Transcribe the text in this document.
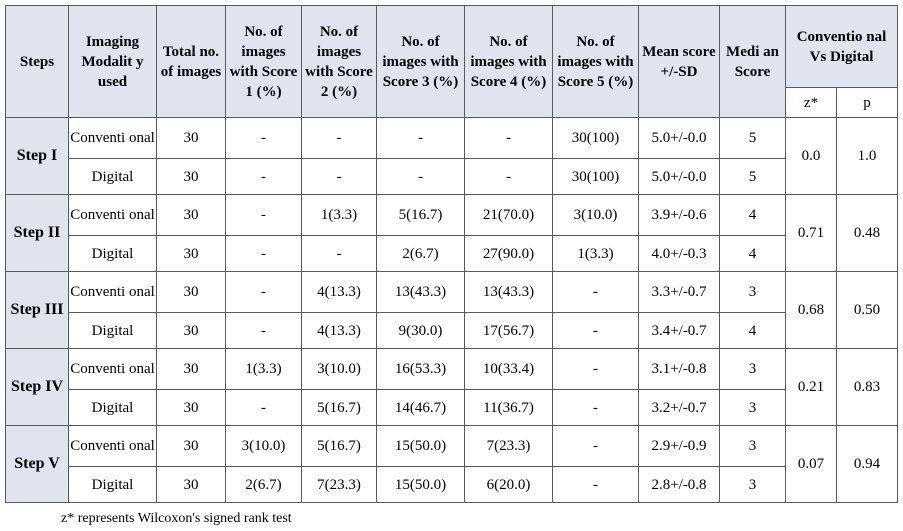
Steps	Imaging Modalit y used	Total no. of images	No. of images with Score 1 (%)	No. of images with Score 2 (%)	No. of images with Score 3 (%)	No. of images with Score 4 (%)	No. of images with Score 5 (%)	Mean score +/-SD	Medi an Score	Conventio nal Vs Digital	
										z*	p
Step I	Conventi onal	30	-	-	-	-	30(100)	5.0+/-0.0	5	0.0	1.0
	Digital	30	-	-	-	-	30(100)	5.0+/-0.0	5		
Step II	Conventi onal	30	-	1(3.3)	5(16.7)	21(70.0)	3(10.0)	3.9+/-0.6	4	0.71	0.48
	Digital	30	-	-	2(6.7)	27(90.0)	1(3.3)	4.0+/-0.3	4		
Step III	Conventi onal	30	-	4(13.3)	13(43.3)	13(43.3)	-	3.3+/-0.7	3	0.68	0.50
	Digital	30	-	4(13.3)	9(30.0)	17(56.7)	-	3.4+/-0.7	4		
Step IV	Conventi onal	30	1(3.3)	3(10.0)	16(53.3)	10(33.4)	-	3.1+/-0.8	3	0.21	0.83
	Digital	30	-	5(16.7)	14(46.7)	11(36.7)	-	3.2+/-0.7	3		
Step V	Conventi onal	30	3(10.0)	5(16.7)	15(50.0)	7(23.3)	-	2.9+/-0.9	3	0.07	0.94
	Digital	30	2(6.7)	7(23.3)	15(50.0)	6(20.0)	-	2.8+/-0.8	3		
z* represents Wilcoxon's signed rank test
